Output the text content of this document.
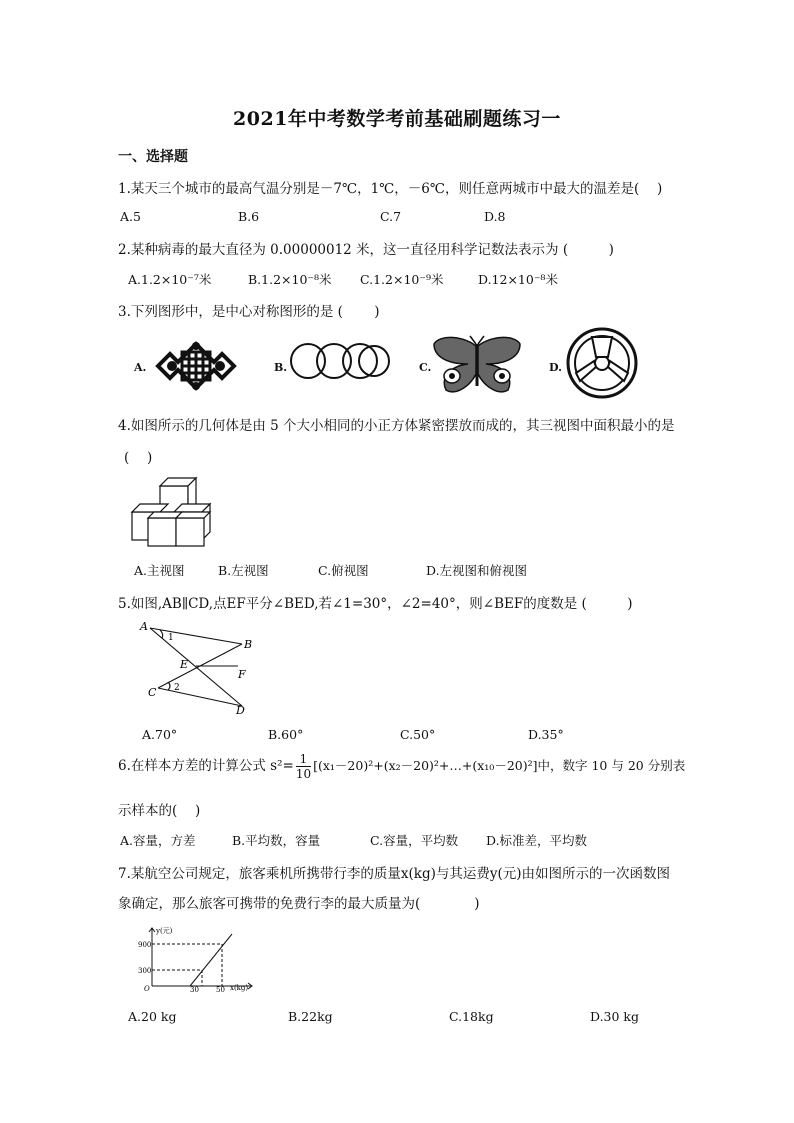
2021年中考数学考前基础刷题练习一
一、选择题
1.某天三个城市的最高气温分别是－7℃，1℃，－6℃，则任意两城市中最大的温差是(　 )
A.5	B.6	C.7	D.8
2.某种病毒的最大直径为 0.00000012 米，这一直径用科学记数法表示为 (　　　)
A.1.2×10⁻⁷米	B.1.2×10⁻⁸米 C.1.2×10⁻⁹米	D.12×10⁻⁸米
3.下列图形中，是中心对称图形的是 (　　 )
A.	B.	C.	D.
4.如图所示的几何体是由 5 个大小相同的小正方体紧密摆放而成的，其三视图中面积最小的是
(　 )
A.主视图	B.左视图	C.俯视图	D.左视图和俯视图
5.如图,AB∥CD,点EF平分∠BED,若∠1=30°，∠2=40°，则∠BEF的度数是 (　　　)
A
B
C
D
E
F
1
2
A.70°	B.60°	C.50°	D.35°
6.在样本方差的计算公式 $s^2= \frac{1}{10}$ [(x₁－20)²+(x₂－20)²+…+(x₁₀－20)²]中，数字 10 与 20 分别表
示样本的(　 )
A.容量，方差	B.平均数，容量	C.容量，平均数 D.标准差，平均数
7.某航空公司规定，旅客乘机所携带行李的质量x(kg)与其运费y(元)由如图所示的一次函数图
象确定，那么旅客可携带的免费行李的最大质量为(　　　　)
y(元)
x(kg)
900
300
30 50
O
A.20 kg	B.22kg	C.18kg	D.30 kg
